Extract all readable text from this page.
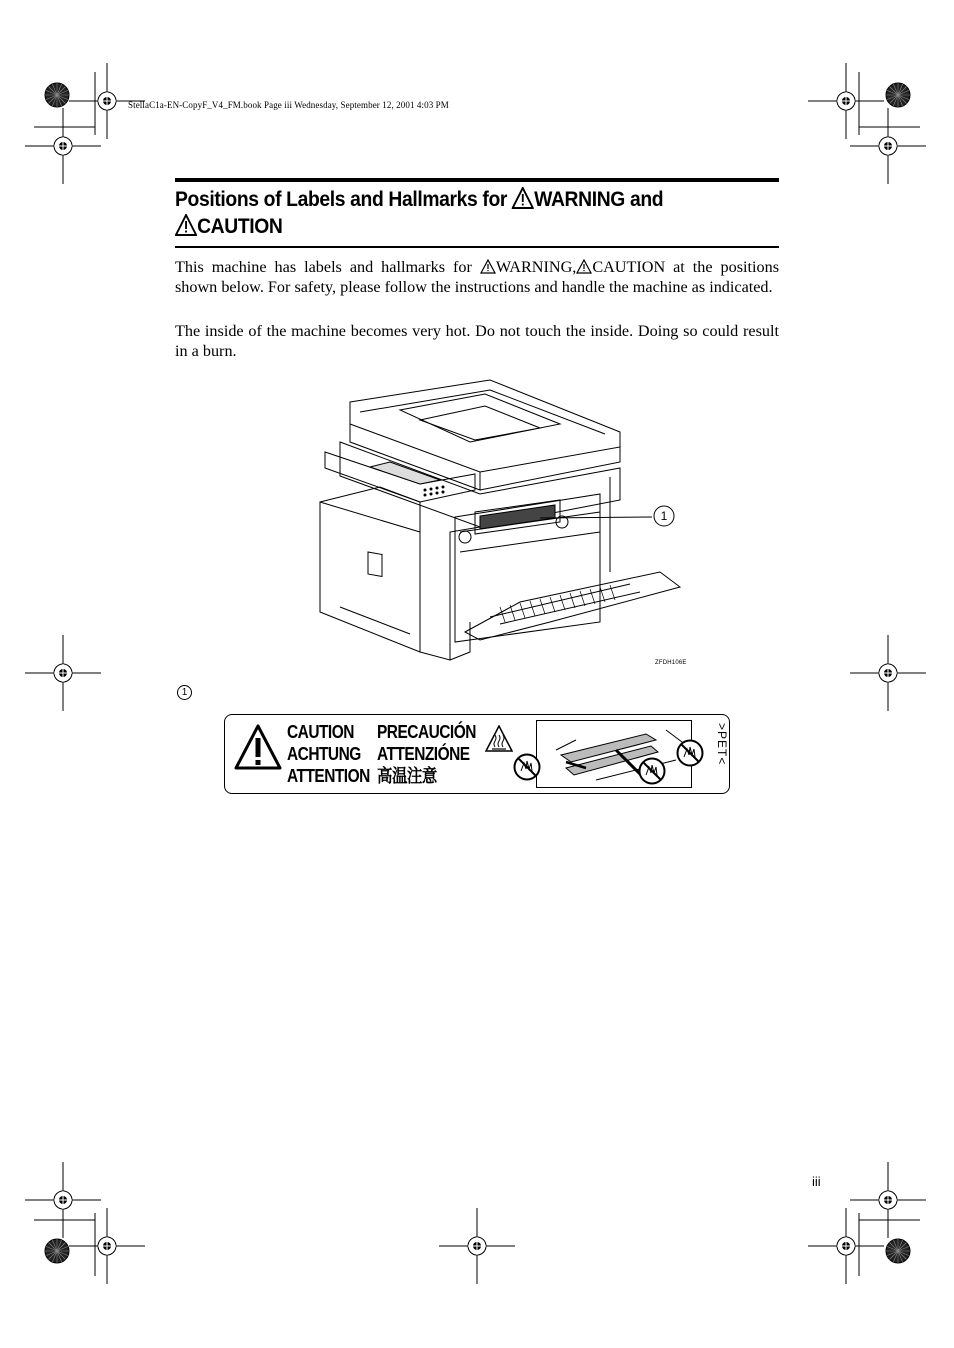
StellaC1a-EN-CopyF_V4_FM.book Page iii Wednesday, September 12, 2001 4:03 PM
Positions of Labels and Hallmarks for WARNING and
CAUTION
This machine has labels and hallmarks for WARNING, CAUTION at the positions shown below. For safety, please follow the instructions and handle the machine as indicated.
The inside of the machine becomes very hot. Do not touch the inside. Doing so could result in a burn.
1
ZFDH106E
1
CAUTION
ACHTUNG
ATTENTION
PRECAUCIÓN
ATTENZIÓNE
高温注意
>PET<
iii
